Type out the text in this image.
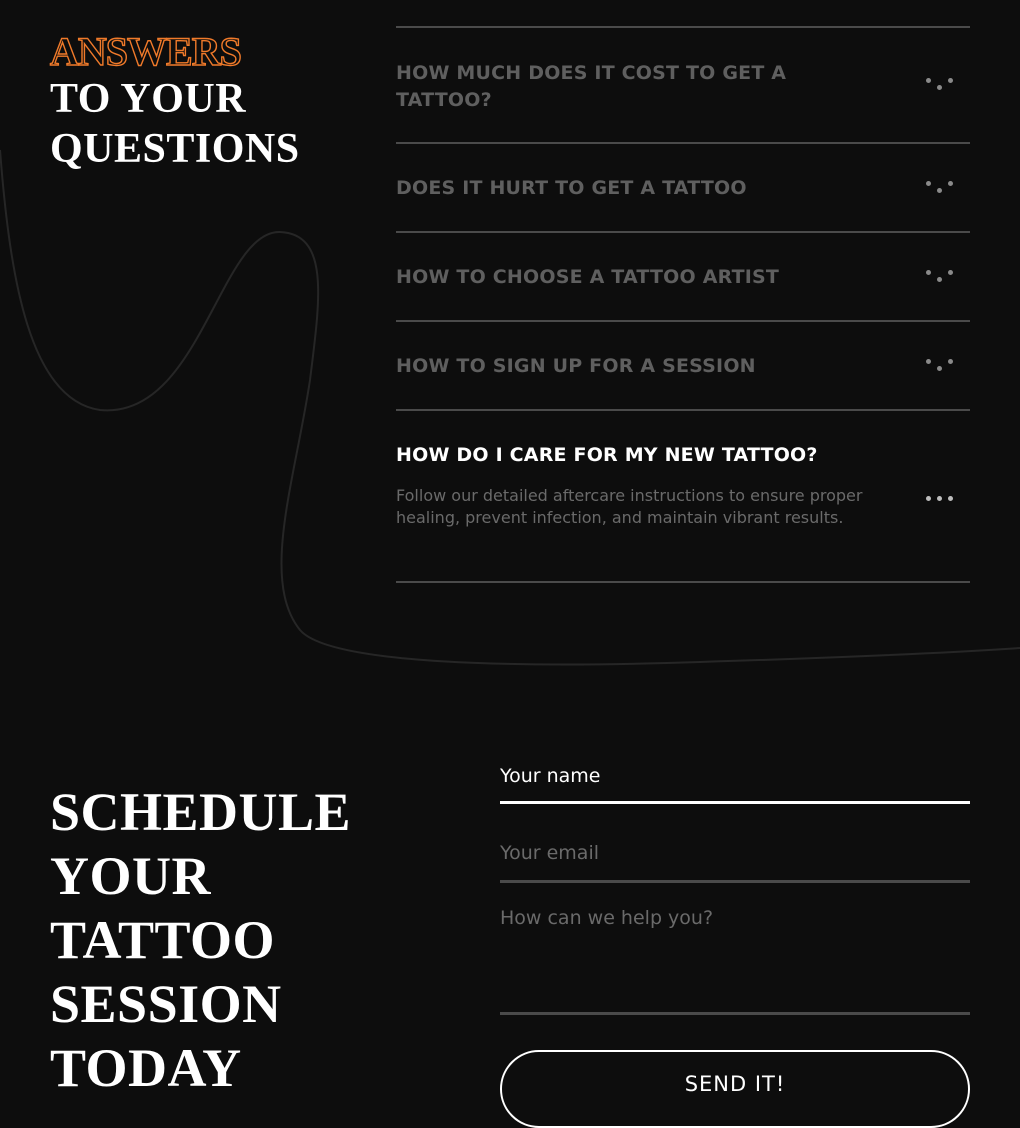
ANSWERS
TO YOUR
QUESTIONS
HOW MUCH DOES IT COST TO GET A TATTOO?
DOES IT HURT TO GET A TATTOO
HOW TO CHOOSE A TATTOO ARTIST
HOW TO SIGN UP FOR A SESSION
HOW DO I CARE FOR MY NEW TATTOO?
Follow our detailed aftercare instructions to ensure proper healing, prevent infection, and maintain vibrant results.
SCHEDULE
YOUR
TATTOO
SESSION
TODAY
Your name
Your email
How can we help you?	SEND IT!
